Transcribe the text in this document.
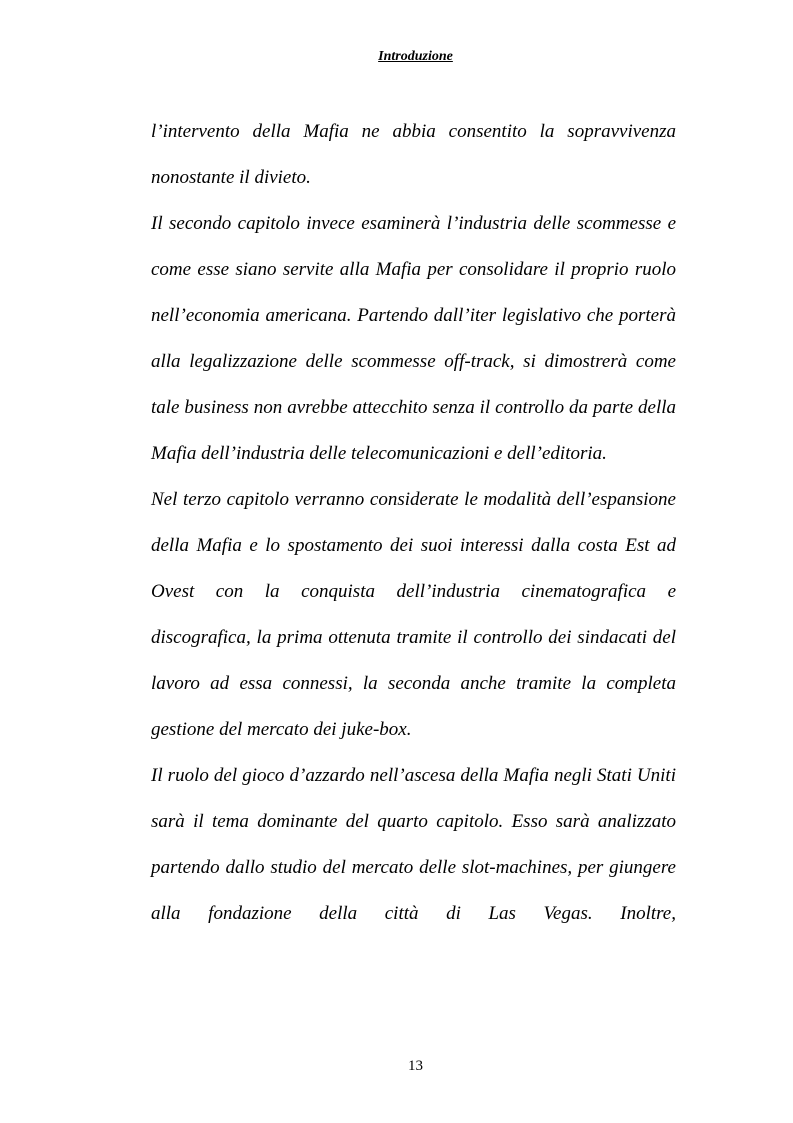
Introduzione

l’intervento della Mafia ne abbia consentito la sopravvivenza nonostante il divieto.

Il secondo capitolo invece esaminerà l’industria delle scommesse e come esse siano servite alla Mafia per consolidare il proprio ruolo nell’economia americana. Partendo dall’iter legislativo che porterà alla legalizzazione delle scommesse off-track, si dimostrerà come tale business non avrebbe attecchito senza il controllo da parte della Mafia dell’industria delle telecomunicazioni e dell’editoria.

Nel terzo capitolo verranno considerate le modalità dell’espansione della Mafia e lo spostamento dei suoi interessi dalla costa Est ad Ovest con la conquista dell’industria cinematografica e discografica, la prima ottenuta tramite il controllo dei sindacati del lavoro ad essa connessi, la seconda anche tramite la completa gestione del mercato dei juke-box.

Il ruolo del gioco d’azzardo nell’ascesa della Mafia negli Stati Uniti sarà il tema dominante del quarto capitolo. Esso sarà analizzato partendo dallo studio del mercato delle slot-machines, per giungere alla fondazione della città di Las Vegas. Inoltre,

13
